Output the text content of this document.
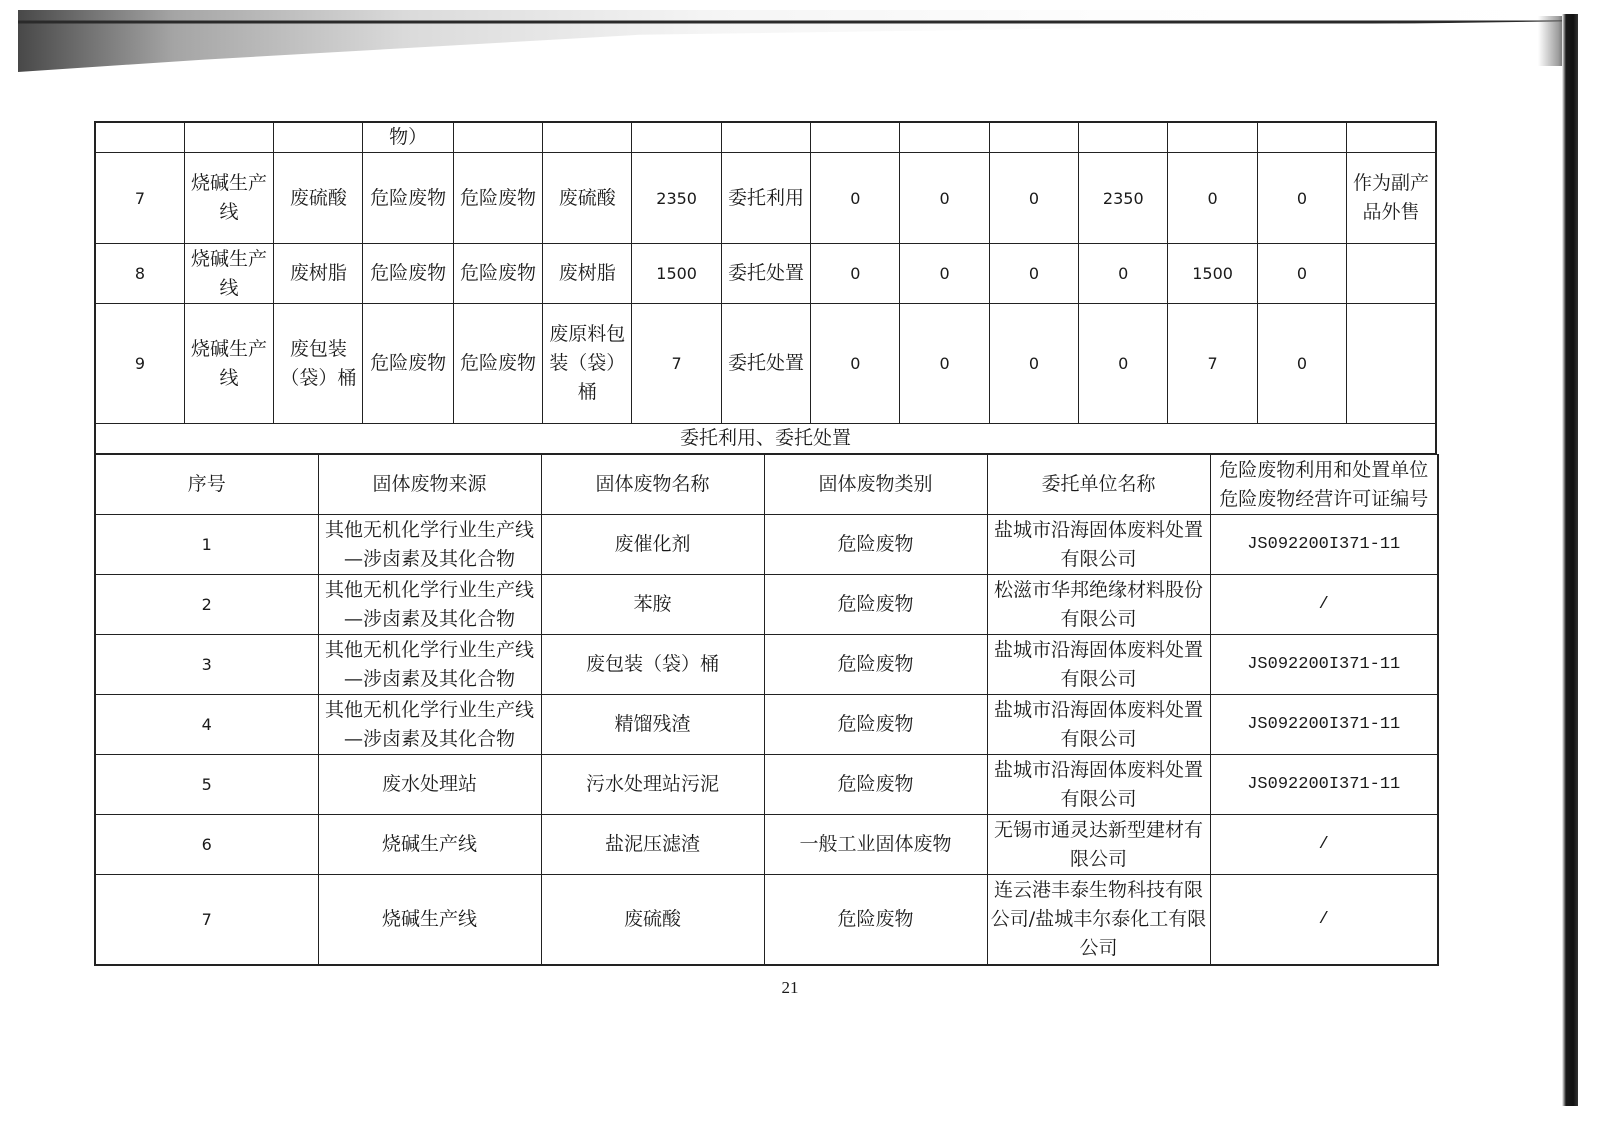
			物）											
7	烧碱生产线	废硫酸	危险废物	危险废物	废硫酸	2350	委托利用	0	0	0	2350	0	0	作为副产品外售
8	烧碱生产线	废树脂	危险废物	危险废物	废树脂	1500	委托处置	0	0	0	0	1500	0	
9	烧碱生产线	废包装（袋）桶	危险废物	危险废物	废原料包装（袋）桶	7	委托处置	0	0	0	0	7	0	
委托利用、委托处置														
序号	固体废物来源	固体废物名称	固体废物类别	委托单位名称	危险废物利用和处置单位危险废物经营许可证编号
1	其他无机化学行业生产线—涉卤素及其化合物	废催化剂	危险废物	盐城市沿海固体废料处置有限公司	JS092200I371-11
2	其他无机化学行业生产线—涉卤素及其化合物	苯胺	危险废物	松滋市华邦绝缘材料股份有限公司	/
3	其他无机化学行业生产线—涉卤素及其化合物	废包装（袋）桶	危险废物	盐城市沿海固体废料处置有限公司	JS092200I371-11
4	其他无机化学行业生产线—涉卤素及其化合物	精馏残渣	危险废物	盐城市沿海固体废料处置有限公司	JS092200I371-11
5	废水处理站	污水处理站污泥	危险废物	盐城市沿海固体废料处置有限公司	JS092200I371-11
6	烧碱生产线	盐泥压滤渣	一般工业固体废物	无锡市通灵达新型建材有限公司	/
7	烧碱生产线	废硫酸	危险废物	连云港丰泰生物科技有限公司/盐城丰尔泰化工有限公司	/
21
